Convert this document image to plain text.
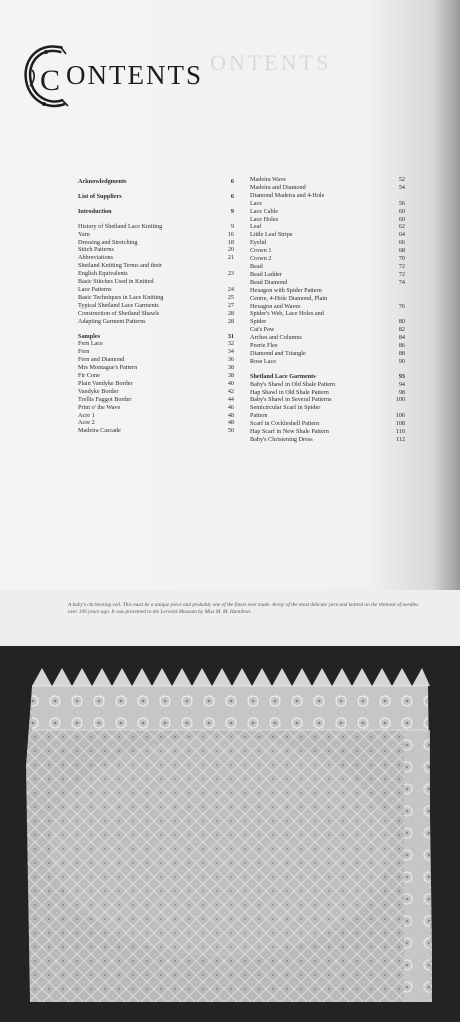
ONTENTS
C ONTENTS
Acknowledgments	6
List of Suppliers	6
Introduction	9
History of Shetland Lace Knitting	9
Yarn	16
Dressing and Stretching	18
Stitch Patterns	20
Abbreviations	21
Shetland Knitting Terms and their
English Equivalents	23
Basic Stitches Used in Knitted
Lace Patterns	24
Basic Techniques in Lace Knitting	25
Typical Shetland Lace Garments	27
Construction of Shetland Shawls	28
Adapting Garment Patterns	28
Samples	31
Fern Lace	32
Fern	34
Fern and Diamond	36
Mrs Montague's Pattern	38
Fir Cone	38
Plain Vandyke Border	40
Vandyke Border	42
Trellis Faggot Border	44
Print o' the Wave	46
Acre 1	48
Acre 2	48
Madeira Cascade	50
Madeira Wave	52
Madeira and Diamond	54
Diamond Madeira and 4-Hole
Lace	56
Lace Cable	60
Lace Holes	60
Leaf	62
Little Leaf Stripe	64
Eyelid	66
Crown 1	68
Crown 2	70
Bead	72
Bead Ladder	72
Bead Diamond	74
Hexagon with Spider Pattern
Centre, 4-Hole Diamond, Plain
Hexagon and Waves	76
Spider's Web, Lace Holes and
Spider	80
Cat's Paw	82
Arches and Columns	84
Peerie Flee	86
Diamond and Triangle	88
Rose Lace	90
Shetland Lace Garments	93
Baby's Shawl in Old Shale Pattern	94
Hap Shawl in Old Shale Pattern	98
Baby's Shawl in Several Patterns	100
Semicircular Scarf in Spider
Pattern	106
Scarf in Cockleshell Pattern	108
Hap Scarf in New Shale Pattern	110
Baby's Christening Dress	112
A baby's christening veil. This must be a unique piece and probably one of the finest ever made. Array of the most delicate yarn and knitted on the thinnest of needles over 100 years ago. It was presented to the Lerwick Museum by Miss M. M. Hamilton.
